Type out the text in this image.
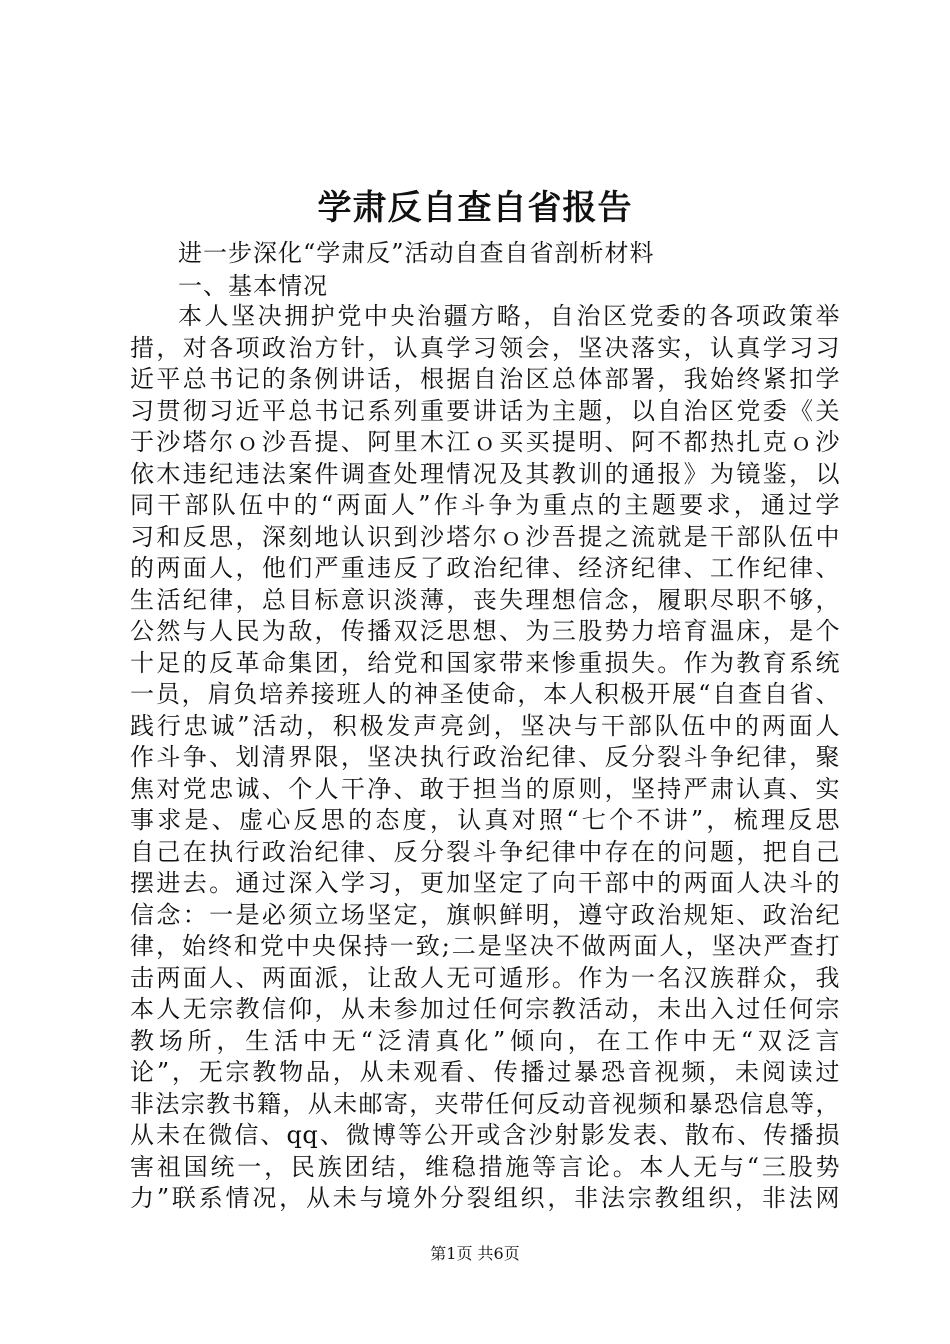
学肃反自查自省报告
进一步深化“学肃反”活动自查自省剖析材料
一、基本情况
本人坚决拥护党中央治疆方略，自治区党委的各项政策举
措，对各项政治方针，认真学习领会，坚决落实，认真学习习
近平总书记的条例讲话，根据自治区总体部署，我始终紧扣学
习贯彻习近平总书记系列重要讲话为主题，以自治区党委《关
于沙塔尔ｏ沙吾提、阿里木江ｏ买买提明、阿不都热扎克ｏ沙
依木违纪违法案件调查处理情况及其教训的通报》为镜鉴，以
同干部队伍中的“两面人”作斗争为重点的主题要求，通过学
习和反思，深刻地认识到沙塔尔ｏ沙吾提之流就是干部队伍中
的两面人，他们严重违反了政治纪律、经济纪律、工作纪律、
生活纪律，总目标意识淡薄，丧失理想信念，履职尽职不够，
公然与人民为敌，传播双泛思想、为三股势力培育温床，是个
十足的反革命集团，给党和国家带来惨重损失。作为教育系统
一员，肩负培养接班人的神圣使命，本人积极开展“自查自省、
践行忠诚”活动，积极发声亮剑，坚决与干部队伍中的两面人
作斗争、划清界限，坚决执行政治纪律、反分裂斗争纪律，聚
焦对党忠诚、个人干净、敢于担当的原则，坚持严肃认真、实
事求是、虚心反思的态度，认真对照“七个不讲”，梳理反思
自己在执行政治纪律、反分裂斗争纪律中存在的问题，把自己
摆进去。通过深入学习，更加坚定了向干部中的两面人决斗的
信念：一是必须立场坚定，旗帜鲜明，遵守政治规矩、政治纪
律，始终和党中央保持一致;二是坚决不做两面人，坚决严查打
击两面人、两面派，让敌人无可遁形。作为一名汉族群众，我
本人无宗教信仰，从未参加过任何宗教活动，未出入过任何宗
教场所，生活中无“泛清真化”倾向，在工作中无“双泛言
论”，无宗教物品，从未观看、传播过暴恐音视频，未阅读过
非法宗教书籍，从未邮寄，夹带任何反动音视频和暴恐信息等，
从未在微信、qq、微博等公开或含沙射影发表、散布、传播损
害祖国统一，民族团结，维稳措施等言论。本人无与“三股势
力”联系情况，从未与境外分裂组织，非法宗教组织，非法网
第1页 共6页
